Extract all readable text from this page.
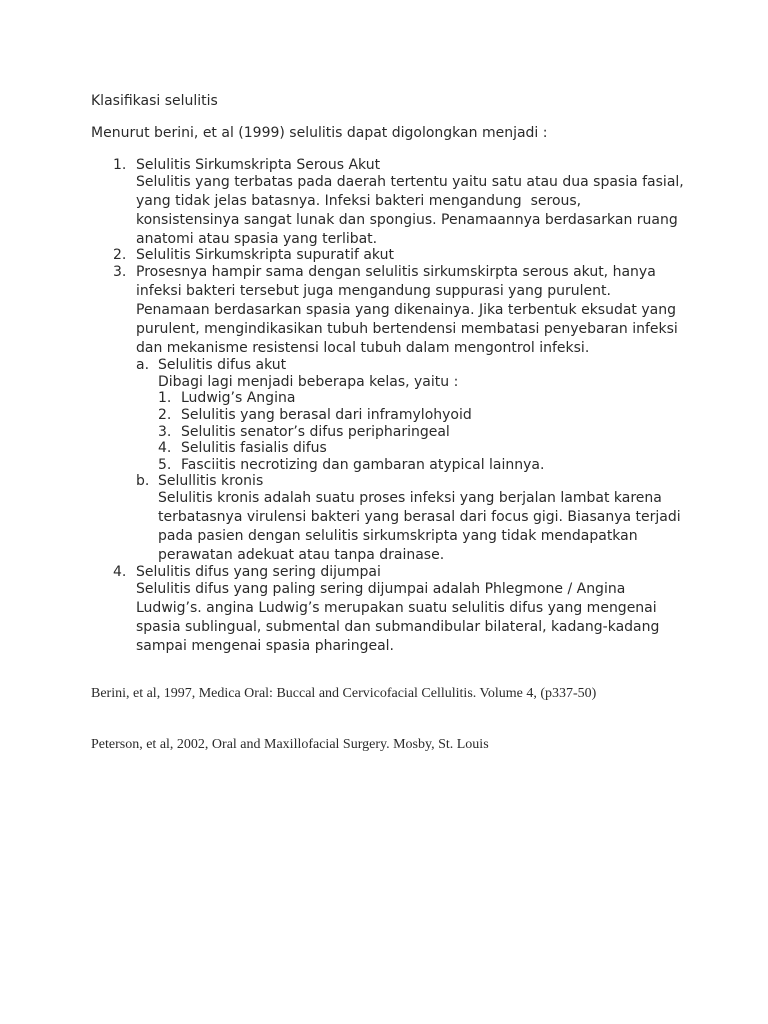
Klasifikasi selulitis
Menurut berini, et al (1999) selulitis dapat digolongkan menjadi :
1. Selulitis Sirkumskripta Serous Akut
Selulitis yang terbatas pada daerah tertentu yaitu satu atau dua spasia fasial,
yang tidak jelas batasnya. Infeksi bakteri mengandung  serous,
konsistensinya sangat lunak dan spongius. Penamaannya berdasarkan ruang
anatomi atau spasia yang terlibat.
2. Selulitis Sirkumskripta supuratif akut
3. Prosesnya hampir sama dengan selulitis sirkumskirpta serous akut, hanya
infeksi bakteri tersebut juga mengandung suppurasi yang purulent.
Penamaan berdasarkan spasia yang dikenainya. Jika terbentuk eksudat yang
purulent, mengindikasikan tubuh bertendensi membatasi penyebaran infeksi
dan mekanisme resistensi local tubuh dalam mengontrol infeksi.
a. Selulitis difus akut
Dibagi lagi menjadi beberapa kelas, yaitu :
1. Ludwig’s Angina
2. Selulitis yang berasal dari inframylohyoid
3. Selulitis senator’s difus peripharingeal
4. Selulitis fasialis difus
5. Fasciitis necrotizing dan gambaran atypical lainnya.
b. Selullitis kronis
Selulitis kronis adalah suatu proses infeksi yang berjalan lambat karena
terbatasnya virulensi bakteri yang berasal dari focus gigi. Biasanya terjadi
pada pasien dengan selulitis sirkumskripta yang tidak mendapatkan
perawatan adekuat atau tanpa drainase.
4. Selulitis difus yang sering dijumpai
Selulitis difus yang paling sering dijumpai adalah Phlegmone / Angina
Ludwig’s. angina Ludwig’s merupakan suatu selulitis difus yang mengenai
spasia sublingual, submental dan submandibular bilateral, kadang-kadang
sampai mengenai spasia pharingeal.
Berini, et al, 1997, Medica Oral: Buccal and Cervicofacial Cellulitis. Volume 4, (p337-50)
Peterson, et al, 2002, Oral and Maxillofacial Surgery. Mosby, St. Louis
